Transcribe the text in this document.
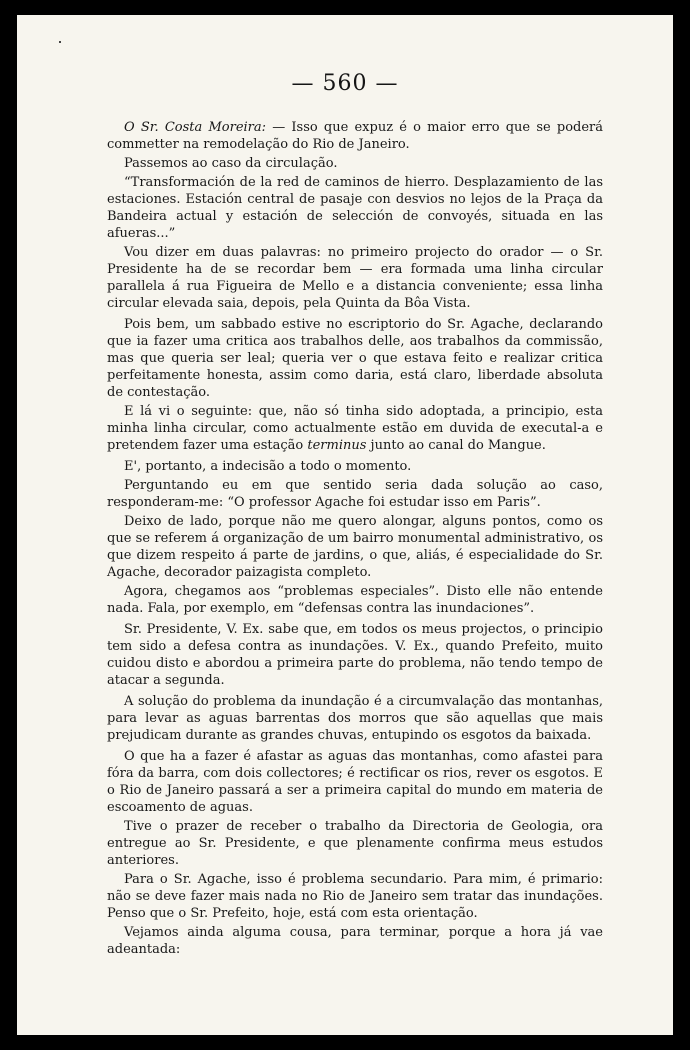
— 560 —

O Sr. Costa Moreira: — Isso que expuz é o maior erro que se poderá commetter na remodelação do Rio de Janeiro.

Passemos ao caso da circulação.

“Transformación de la red de caminos de hierro. Desplazamiento de las estaciones. Estación central de pasaje con desvios no lejos de la Praça da Bandeira actual y estación de selección de convoyés, situada en las afueras...”

Vou dizer em duas palavras: no primeiro projecto do orador — o Sr. Presidente ha de se recordar bem — era formada uma linha circular parallela á rua Figueira de Mello e a distancia conveniente; essa linha circular elevada saia, depois, pela Quinta da Bôa Vista.

Pois bem, um sabbado estive no escriptorio do Sr. Agache, declarando que ia fazer uma critica aos trabalhos delle, aos trabalhos da commissão, mas que queria ser leal; queria ver o que estava feito e realizar critica perfeitamente honesta, assim como daria, está claro, liberdade absoluta de contestação.

E lá vi o seguinte: que, não só tinha sido adoptada, a principio, esta minha linha circular, como actualmente estão em duvida de executal-a e pretendem fazer uma estação terminus junto ao canal do Mangue.

E', portanto, a indecisão a todo o momento.

Perguntando eu em que sentido seria dada solução ao caso, responderam-me: “O professor Agache foi estudar isso em Paris”.

Deixo de lado, porque não me quero alongar, alguns pontos, como os que se referem á organização de um bairro monumental administrativo, os que dizem respeito á parte de jardins, o que, aliás, é especialidade do Sr. Agache, decorador paizagista completo.

Agora, chegamos aos “problemas especiales”. Disto elle não entende nada. Fala, por exemplo, em “defensas contra las inundaciones”.

Sr. Presidente, V. Ex. sabe que, em todos os meus projectos, o principio tem sido a defesa contra as inundações. V. Ex., quando Prefeito, muito cuidou disto e abordou a primeira parte do problema, não tendo tempo de atacar a segunda.

A solução do problema da inundação é a circumvalação das montanhas, para levar as aguas barrentas dos morros que são aquellas que mais prejudicam durante as grandes chuvas, entupindo os esgotos da baixada.

O que ha a fazer é afastar as aguas das montanhas, como afastei para fóra da barra, com dois collectores; é rectificar os rios, rever os esgotos. E o Rio de Janeiro passará a ser a primeira capital do mundo em materia de escoamento de aguas.

Tive o prazer de receber o trabalho da Directoria de Geologia, ora entregue ao Sr. Presidente, e que plenamente confirma meus estudos anteriores.

Para o Sr. Agache, isso é problema secundario. Para mim, é primario: não se deve fazer mais nada no Rio de Janeiro sem tratar das inundações. Penso que o Sr. Prefeito, hoje, está com esta orientação.

Vejamos ainda alguma cousa, para terminar, porque a hora já vae adeantada:
